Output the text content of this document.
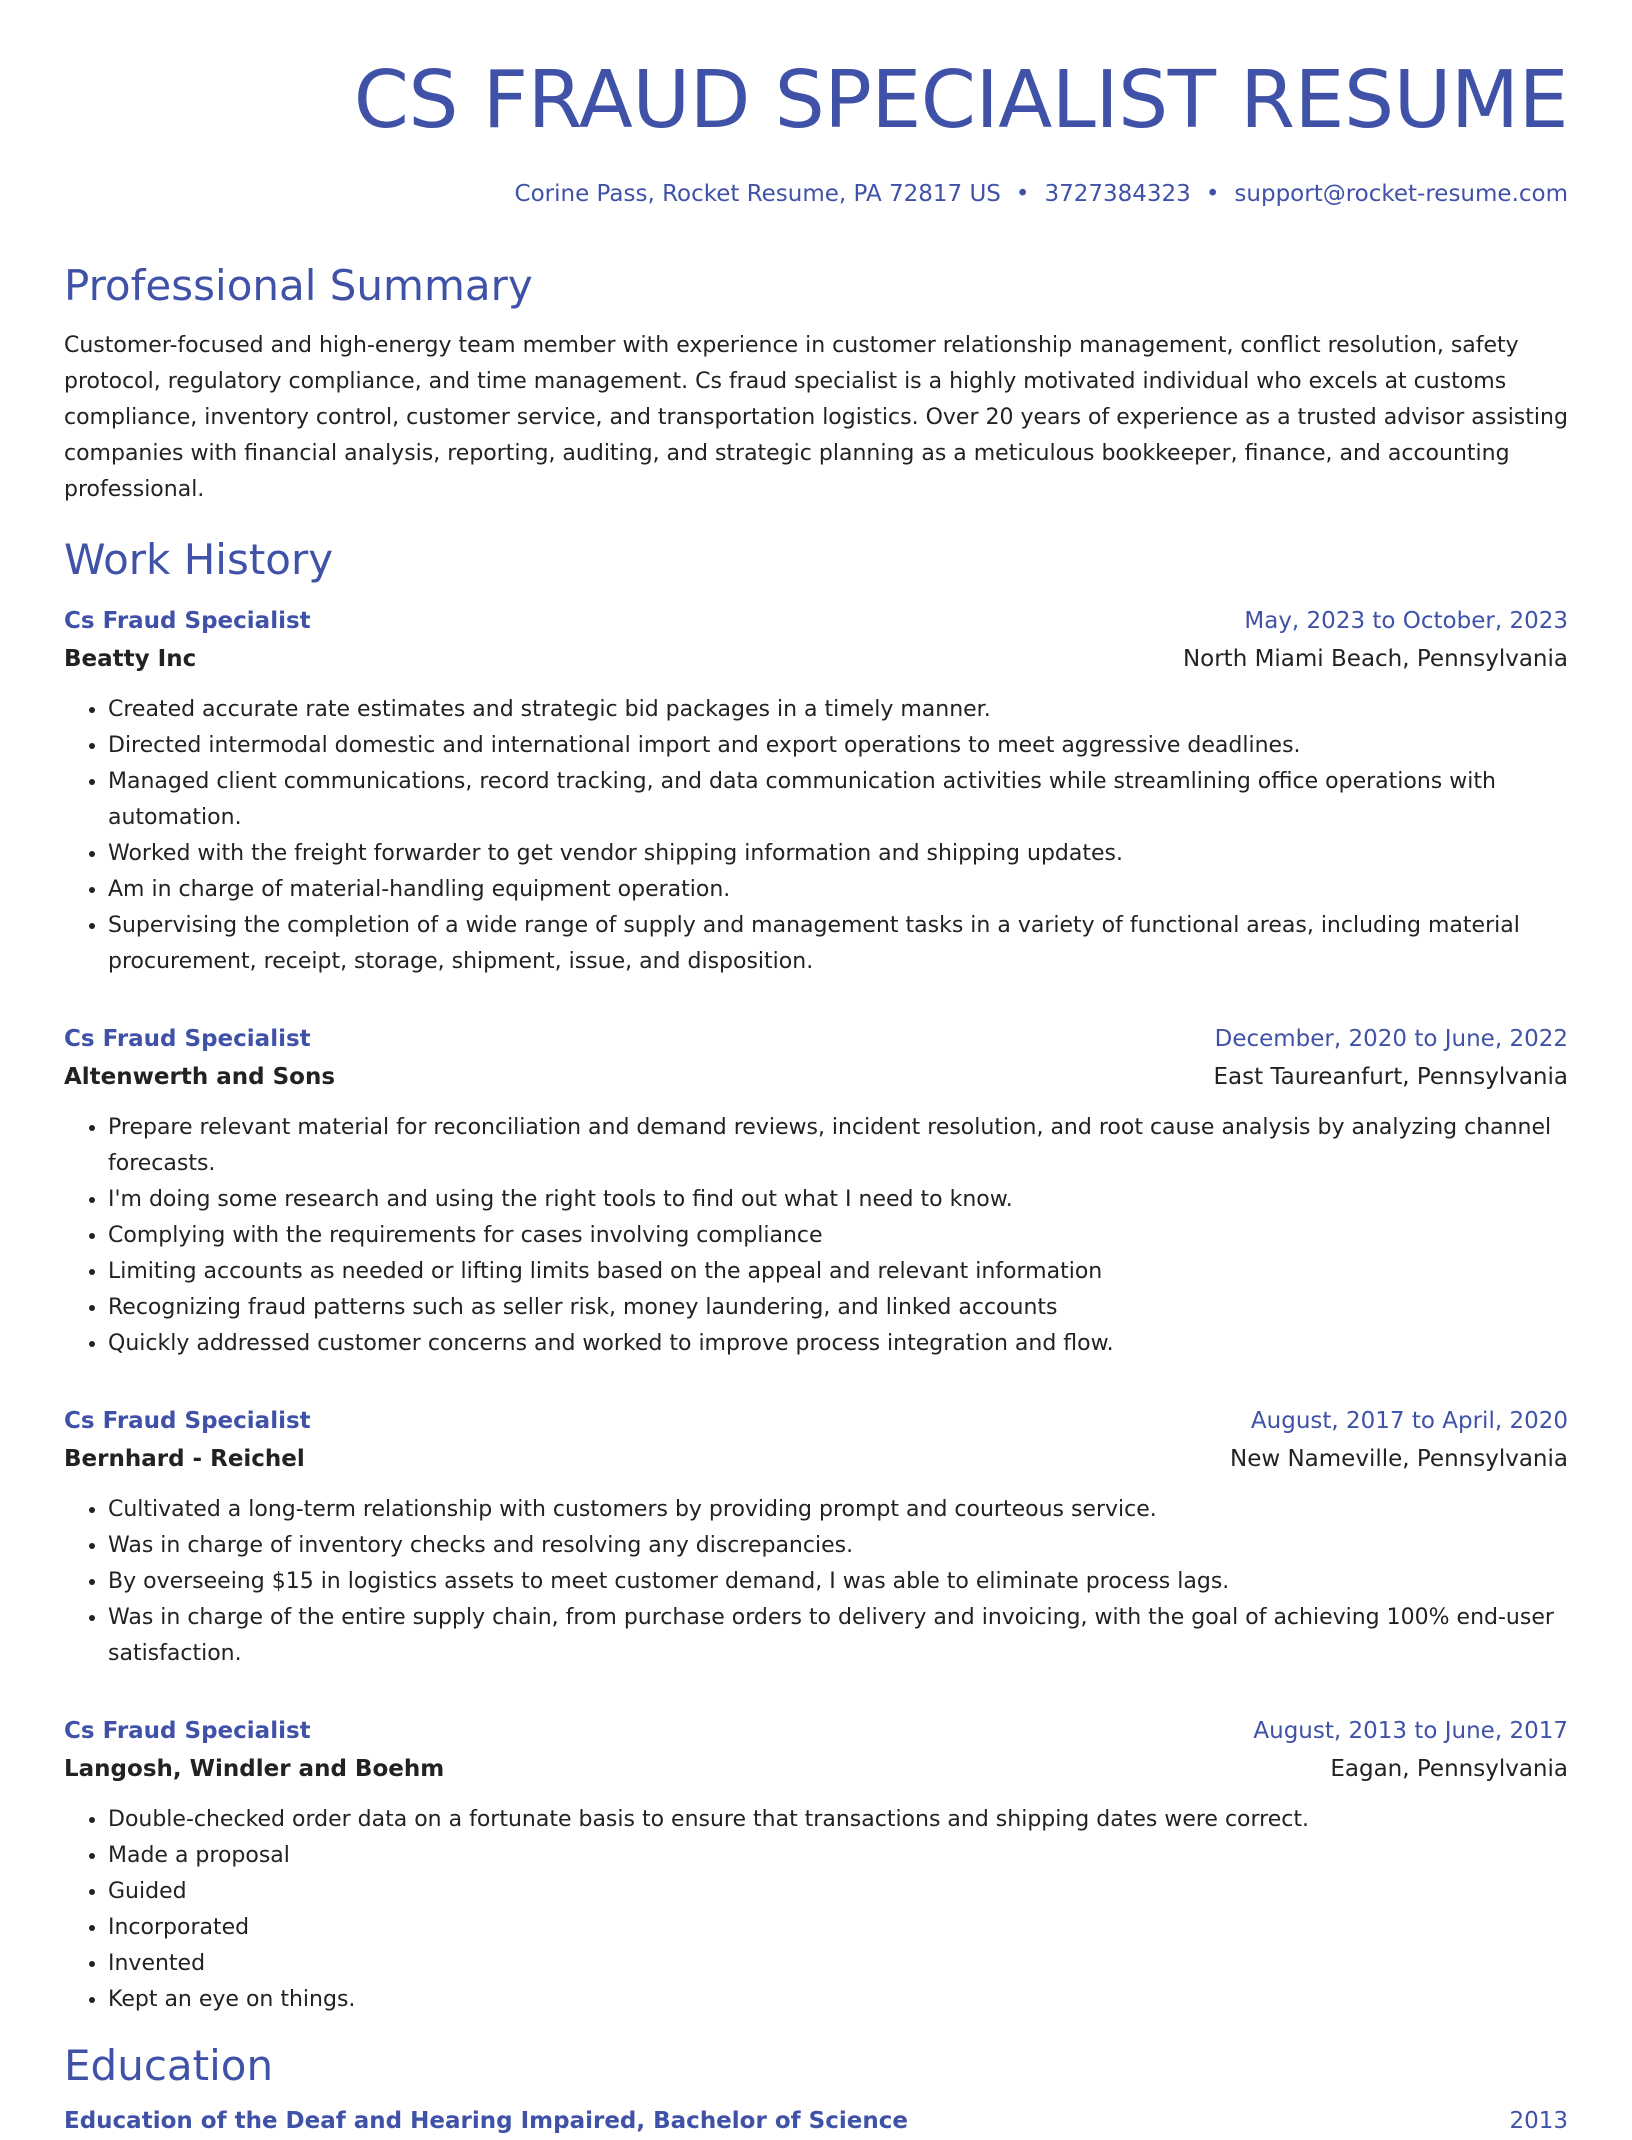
CS FRAUD SPECIALIST RESUME
Corine Pass, Rocket Resume, PA 72817 US • 3727384323 • support@rocket-resume.com
Professional Summary
Customer-focused and high-energy team member with experience in customer relationship management, conflict resolution, safety protocol, regulatory compliance, and time management. Cs fraud specialist is a highly motivated individual who excels at customs compliance, inventory control, customer service, and transportation logistics. Over 20 years of experience as a trusted advisor assisting companies with financial analysis, reporting, auditing, and strategic planning as a meticulous bookkeeper, finance, and accounting professional.
Work History
Cs Fraud Specialist	May, 2023 to October, 2023
Beatty Inc	North Miami Beach, Pennsylvania
• Created accurate rate estimates and strategic bid packages in a timely manner.
• Directed intermodal domestic and international import and export operations to meet aggressive deadlines.
• Managed client communications, record tracking, and data communication activities while streamlining office operations with automation.
• Worked with the freight forwarder to get vendor shipping information and shipping updates.
• Am in charge of material-handling equipment operation.
• Supervising the completion of a wide range of supply and management tasks in a variety of functional areas, including material procurement, receipt, storage, shipment, issue, and disposition.
Cs Fraud Specialist	December, 2020 to June, 2022
Altenwerth and Sons	East Taureanfurt, Pennsylvania
• Prepare relevant material for reconciliation and demand reviews, incident resolution, and root cause analysis by analyzing channel forecasts.
• I'm doing some research and using the right tools to find out what I need to know.
• Complying with the requirements for cases involving compliance
• Limiting accounts as needed or lifting limits based on the appeal and relevant information
• Recognizing fraud patterns such as seller risk, money laundering, and linked accounts
• Quickly addressed customer concerns and worked to improve process integration and flow.
Cs Fraud Specialist	August, 2017 to April, 2020
Bernhard - Reichel	New Nameville, Pennsylvania
• Cultivated a long-term relationship with customers by providing prompt and courteous service.
• Was in charge of inventory checks and resolving any discrepancies.
• By overseeing $15 in logistics assets to meet customer demand, I was able to eliminate process lags.
• Was in charge of the entire supply chain, from purchase orders to delivery and invoicing, with the goal of achieving 100% end-user satisfaction.
Cs Fraud Specialist	August, 2013 to June, 2017
Langosh, Windler and Boehm	Eagan, Pennsylvania
• Double-checked order data on a fortunate basis to ensure that transactions and shipping dates were correct.
• Made a proposal
• Guided
• Incorporated
• Invented
• Kept an eye on things.
Education
Education of the Deaf and Hearing Impaired, Bachelor of Science	2013
